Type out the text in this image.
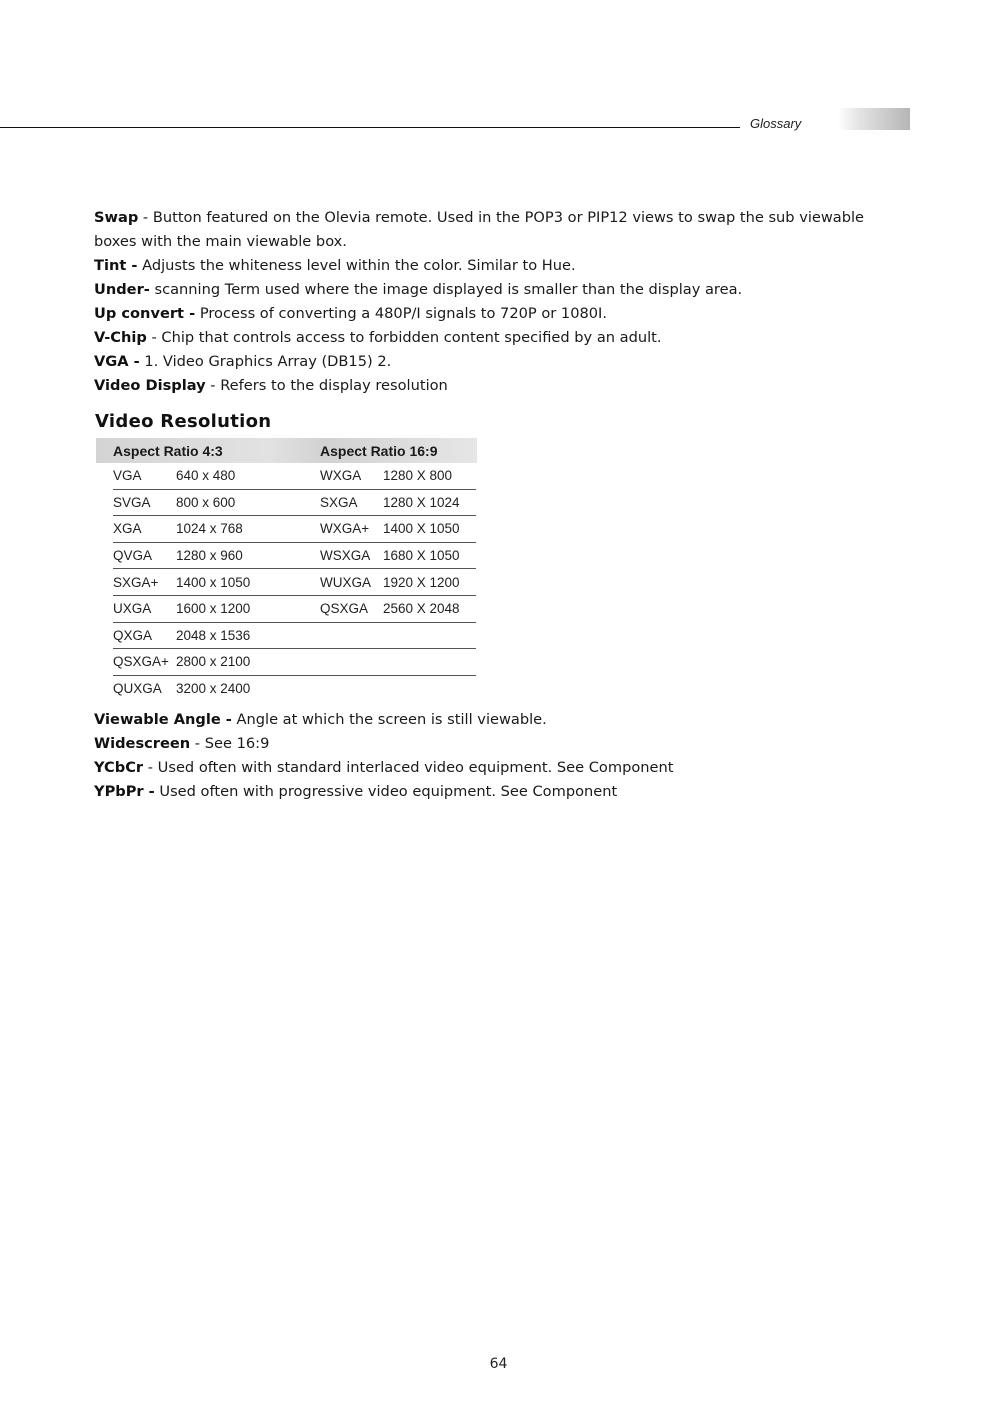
Glossary

Swap - Button featured on the Olevia remote. Used in the POP3 or PIP12 views to swap the sub viewable boxes with the main viewable box.

Tint - Adjusts the whiteness level within the color. Similar to Hue.

Under- scanning Term used where the image displayed is smaller than the display area.

Up convert - Process of converting a 480P/I signals to 720P or 1080I.

V-Chip - Chip that controls access to forbidden content specified by an adult.

VGA - 1. Video Graphics Array (DB15) 2.

Video Display - Refers to the display resolution

Video Resolution
Aspect Ratio 4:3	Aspect Ratio 16:9
VGA	640 x 480	WXGA	1280 X 800
SVGA	800 x 600	SXGA	1280 X 1024
XGA	1024 x 768	WXGA+	1400 X 1050
QVGA	1280 x 960	WSXGA 1680 X 1050
SXGA+	1400 x 1050	WUXGA 1920 X 1200
UXGA	1600 x 1200	QSXGA	2560 X 2048
QXGA	2048 x 1536
QSXGA+ 2800 x 2100
QUXGA	3200 x 2400

Viewable Angle - Angle at which the screen is still viewable.

Widescreen - See 16:9

YCbCr - Used often with standard interlaced video equipment. See Component

YPbPr - Used often with progressive video equipment. See Component

64
